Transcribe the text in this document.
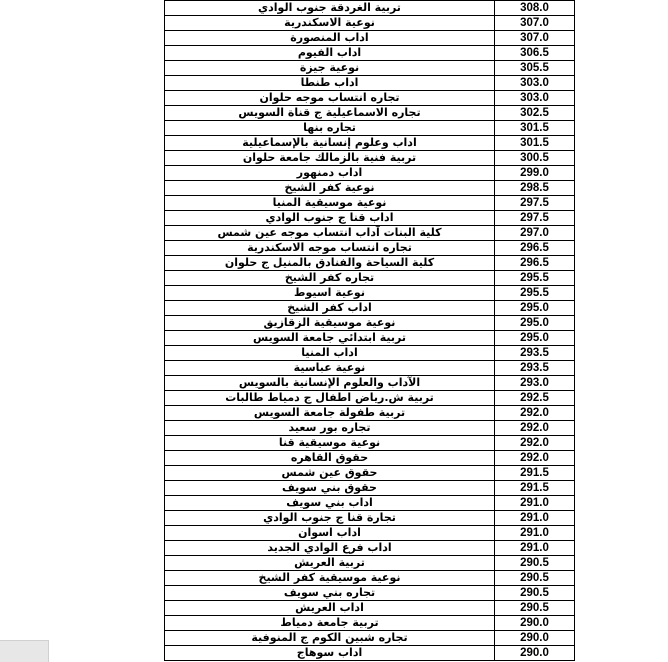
تربية الغردقة جنوب الوادي	308.0
نوعية الاسكندرية	307.0
اداب المنصورة	307.0
اداب الفيوم	306.5
نوعية جيزة	305.5
اداب طنطا	303.0
تجاره انتساب موجه حلوان	303.0
تجاره الاسماعيلية ج قناة السويس	302.5
تجاره بنها	301.5
اداب وعلوم إنسانية بالإسماعيلية	301.5
تربية فنية بالزمالك جامعة حلوان	300.5
اداب دمنهور	299.0
نوعية كفر الشيخ	298.5
نوعية موسيقية المنيا	297.5
اداب قنا ج جنوب الوادي	297.5
كلية البنات آداب انتساب موجه عين شمس	297.0
تجاره انتساب موجه الاسكندرية	296.5
كلية السياحة والفنادق بالمنيل ج حلوان	296.5
تجاره كفر الشيخ	295.5
نوعية اسيوط	295.5
اداب كفر الشيخ	295.0
نوعية موسيقية الزقازيق	295.0
تربية ابتدائي جامعة السويس	295.0
اداب المنيا	293.5
نوعية عباسية	293.5
الآداب والعلوم الإنسانية بالسويس	293.0
تربية ش.رياض اطفال ج دمياط طالبات	292.5
تربية طفولة جامعة السويس	292.0
تجاره بور سعيد	292.0
نوعية موسيقية قنا	292.0
حقوق القاهره	292.0
حقوق عين شمس	291.5
حقوق بني سويف	291.5
اداب بني سويف	291.0
تجارة قنا ج جنوب الوادي	291.0
اداب اسوان	291.0
اداب فرع الوادي الجديد	291.0
تربية العريش	290.5
نوعية موسيقية كفر الشيخ	290.5
تجاره بني سويف	290.5
اداب العريش	290.5
تربية جامعة دمياط	290.0
تجاره شبين الكوم ج المنوفية	290.0
اداب سوهاج	290.0
